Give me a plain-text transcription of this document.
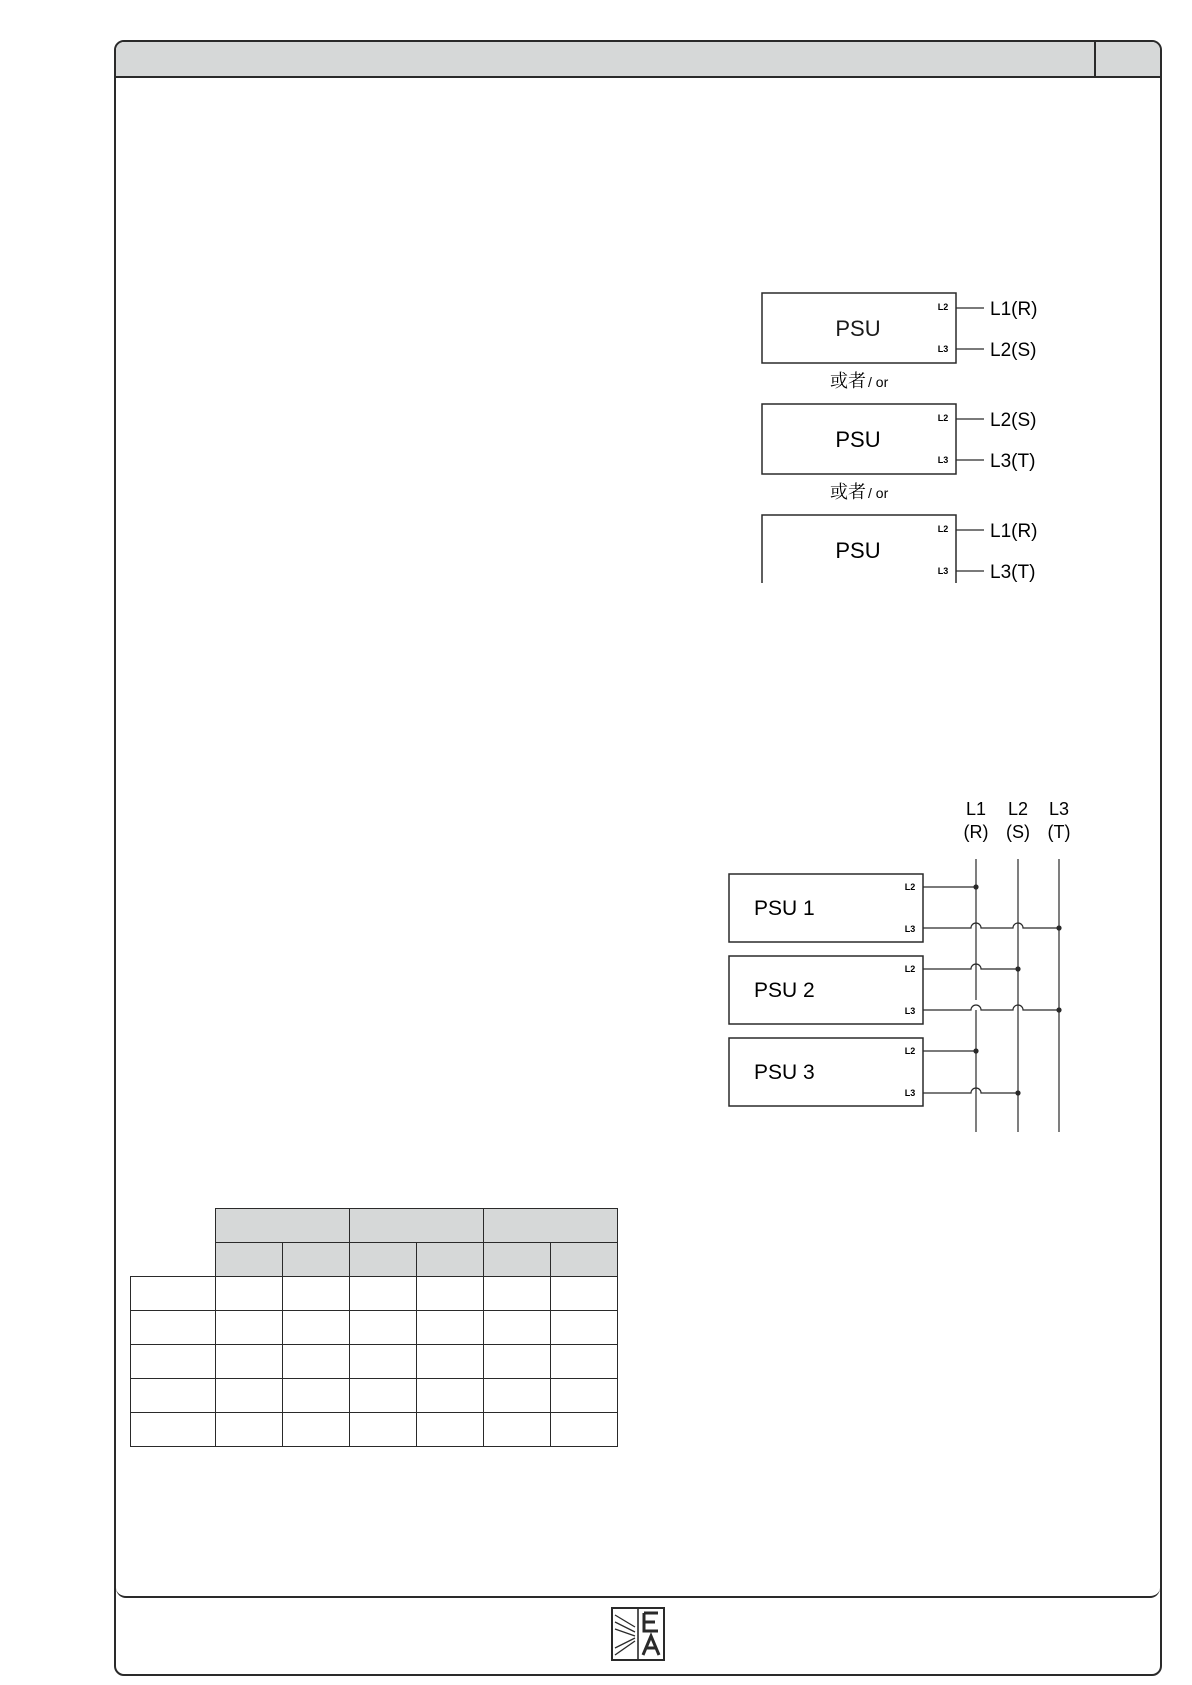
PSU
L2
L3
L1(R)
L2(S)
或者 / or
PSU
L2
L3
L2(S)
L3(T)
或者 / or
PSU
L2
L3
L1(R)
L3(T)
L1
(R)
L2
(S)
L3
(T)
PSU 1
L2
L3
PSU 2
L2
L3
PSU 3
L2
L3
